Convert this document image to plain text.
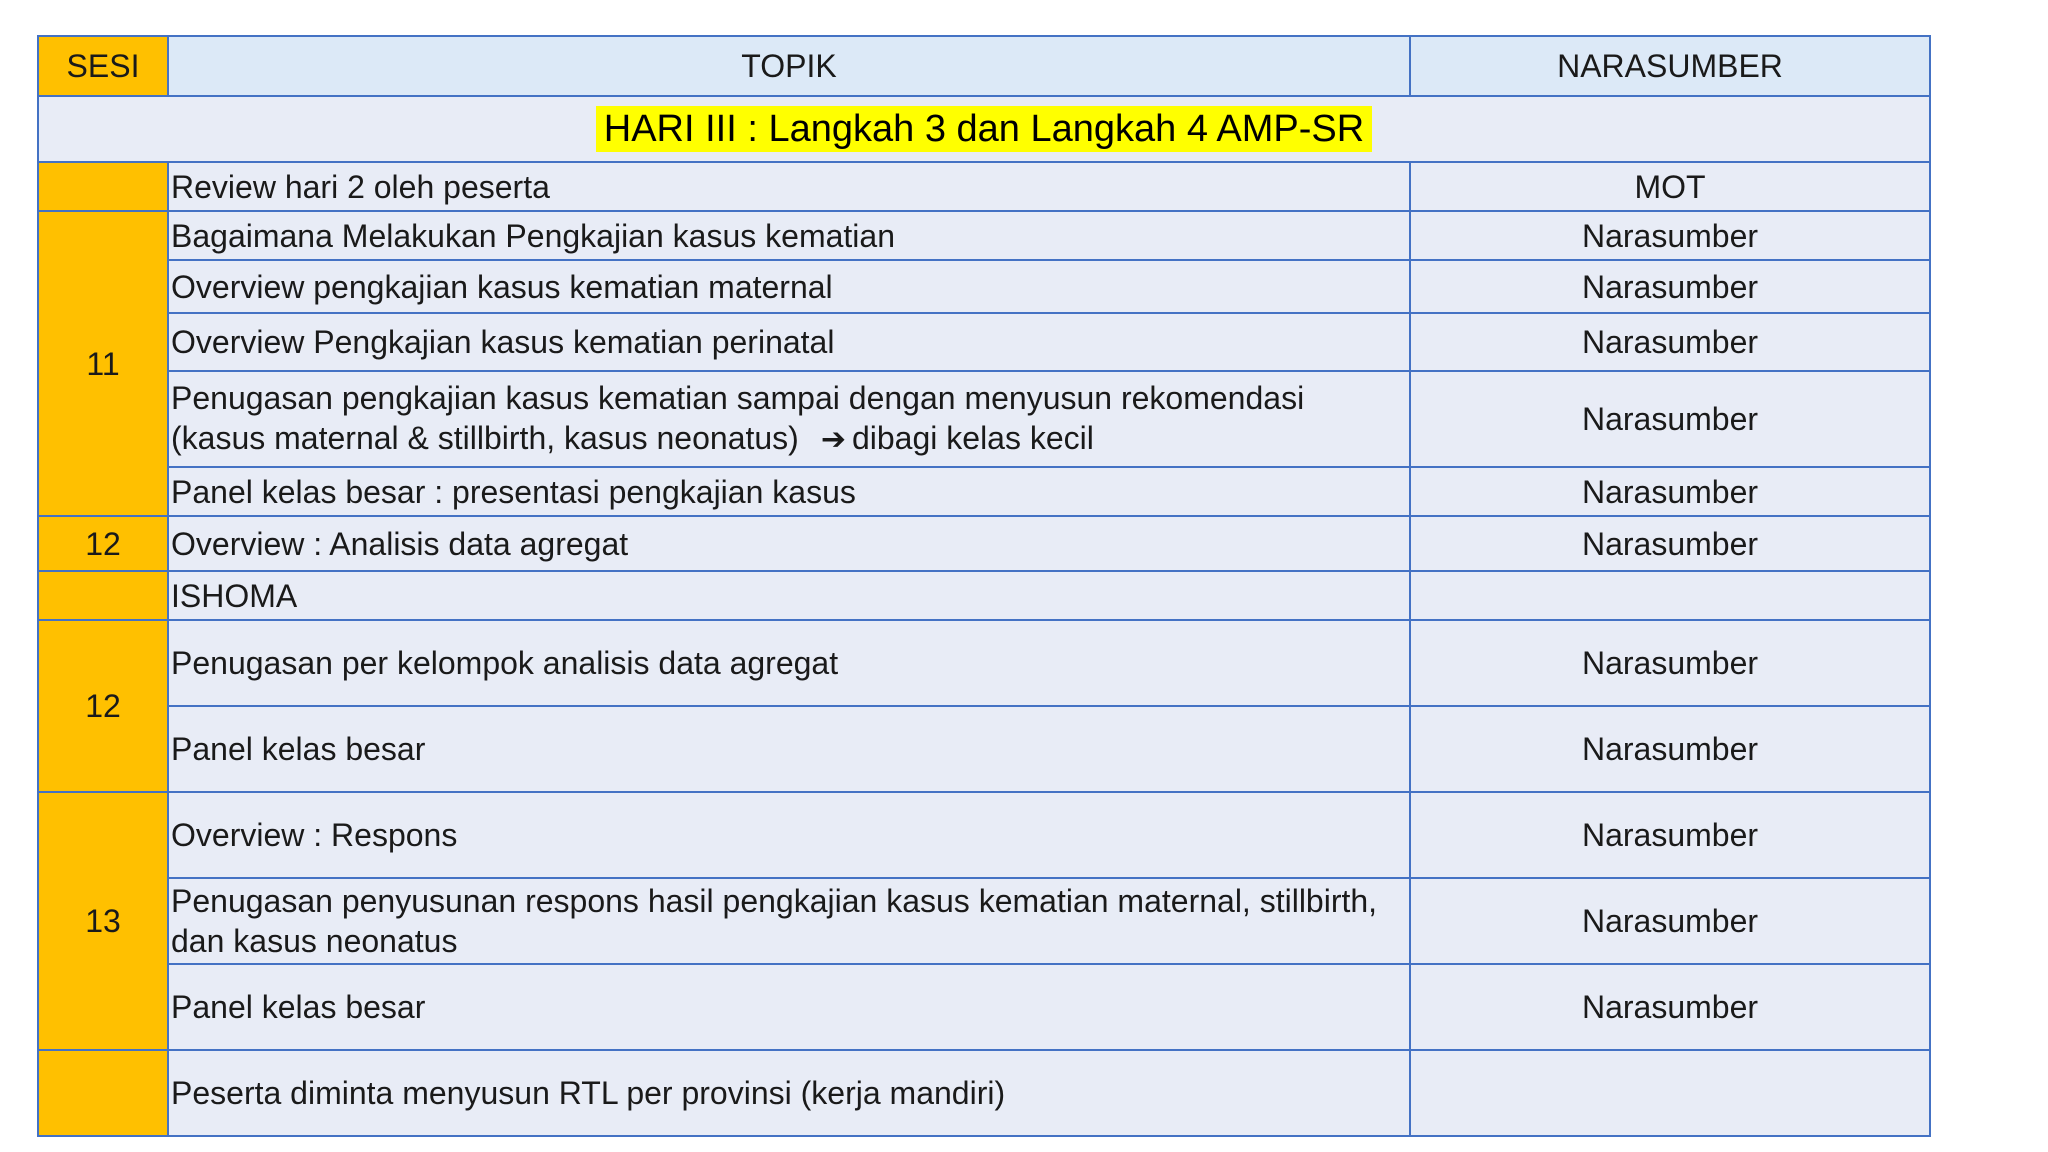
SESI	TOPIK	NARASUMBER
HARI III : Langkah 3 dan Langkah 4 AMP-SR		
	Review hari 2 oleh peserta	MOT
11	Bagaimana Melakukan Pengkajian kasus kematian	Narasumber
	Overview pengkajian kasus kematian maternal	Narasumber
	Overview Pengkajian kasus kematian perinatal	Narasumber
	Penugasan pengkajian kasus kematian sampai dengan menyusun rekomendasi (kasus maternal & stillbirth, kasus neonatus) ➔ dibagi kelas kecil	Narasumber
	Panel kelas besar : presentasi pengkajian kasus	Narasumber
12	Overview : Analisis data agregat	Narasumber
	ISHOMA	
12	Penugasan per kelompok analisis data agregat	Narasumber
	Panel kelas besar	Narasumber
13	Overview : Respons	Narasumber
	Penugasan penyusunan respons hasil pengkajian kasus kematian maternal, stillbirth, dan kasus neonatus	Narasumber
	Panel kelas besar	Narasumber
	Peserta diminta menyusun RTL per provinsi (kerja mandiri)	
